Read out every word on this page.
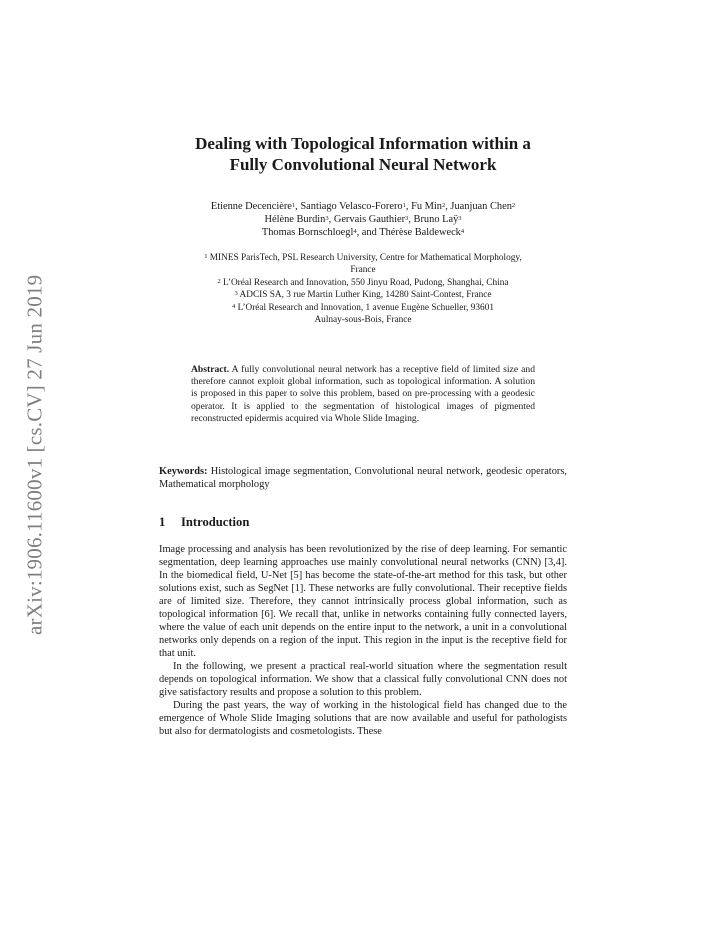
arXiv:1906.11600v1 [cs.CV] 27 Jun 2019
Dealing with Topological Information within a
Fully Convolutional Neural Network
Etienne Decencière$^1$, Santiago Velasco-Forero$^1$, Fu Min$^2$, Juanjuan Chen$^2$
Hélène Burdin$^3$, Gervais Gauthier$^3$, Bruno Laÿ$^3$
Thomas Bornschloegl$^4$, and Thérèse Baldeweck$^4$
$^1$ MINES ParisTech, PSL Research University, Centre for Mathematical Morphology,
France
$^2$ L’Oréal Research and Innovation, 550 Jinyu Road, Pudong, Shanghai, China
$^3$ ADCIS SA, 3 rue Martin Luther King, 14280 Saint-Contest, France
$^4$ L’Oréal Research and Innovation, 1 avenue Eugène Schueller, 93601
Aulnay-sous-Bois, France
Abstract. A fully convolutional neural network has a receptive field of limited size and therefore cannot exploit global information, such as topological information. A solution is proposed in this paper to solve this problem, based on pre-processing with a geodesic operator. It is applied to the segmentation of histological images of pigmented reconstructed epidermis acquired via Whole Slide Imaging.
Keywords: Histological image segmentation, Convolutional neural network, geodesic operators, Mathematical morphology
1 Introduction

Image processing and analysis has been revolutionized by the rise of deep learning. For semantic segmentation, deep learning approaches use mainly convolutional neural networks (CNN) [3,4]. In the biomedical field, U-Net [5] has become the state-of-the-art method for this task, but other solutions exist, such as SegNet [1]. These networks are fully convolutional. Their receptive fields are of limited size. Therefore, they cannot intrinsically process global information, such as topological information [6]. We recall that, unlike in networks containing fully connected layers, where the value of each unit depends on the entire input to the network, a unit in a convolutional networks only depends on a region of the input. This region in the input is the receptive field for that unit.

In the following, we present a practical real-world situation where the segmentation result depends on topological information. We show that a classical fully convolutional CNN does not give satisfactory results and propose a solution to this problem.

During the past years, the way of working in the histological field has changed due to the emergence of Whole Slide Imaging solutions that are now available and useful for pathologists but also for dermatologists and cosmetologists. These
